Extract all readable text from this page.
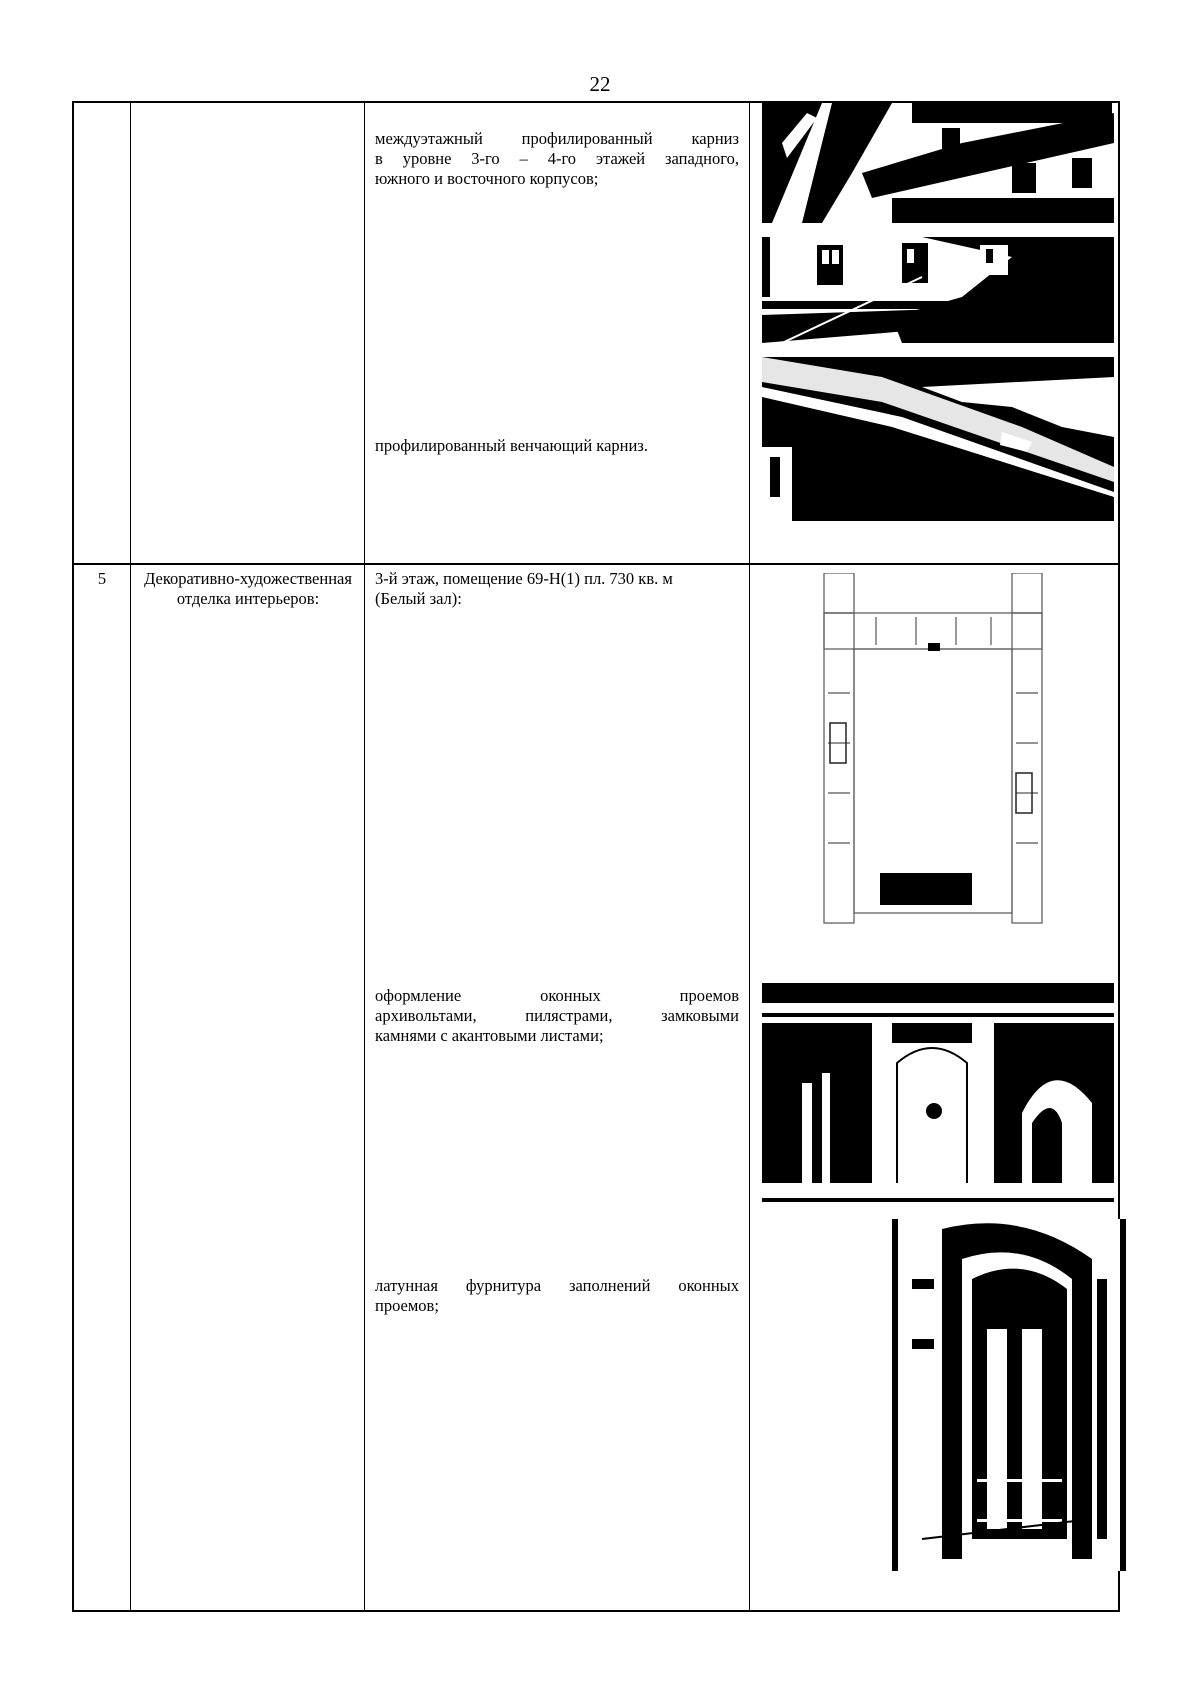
22
междуэтажный профилированный карниз
в уровне 3-го – 4-го этажей западного,
южного и восточного корпусов;
профилированный венчающий карниз.
5	Декоративно-художественная отделка интерьеров:
3-й этаж, помещение 69-Н(1) пл. 730 кв. м
(Белый зал):
оформление оконных проемов
архивольтами, пилястрами, замковыми
камнями с акантовыми листами;
латунная фурнитура заполнений оконных
проемов;
